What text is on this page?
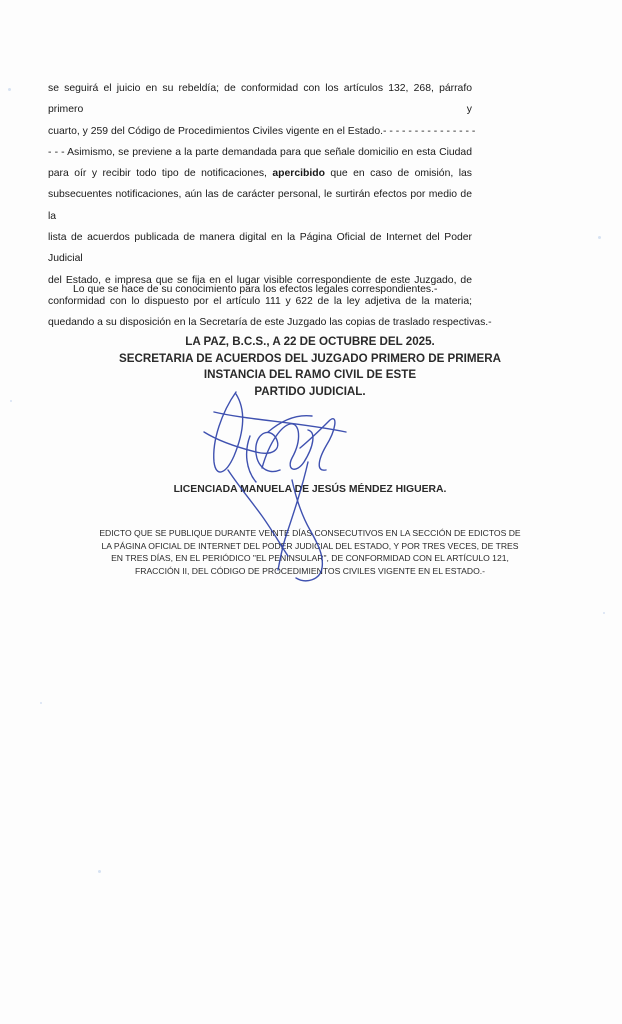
se seguirá el juicio en su rebeldía; de conformidad con los artículos 132, 268, párrafo primero y
cuarto, y 259 del Código de Procedimientos Civiles vigente en el Estado.- - - - - - - - - - - - - - -
- - - Asimismo, se previene a la parte demandada para que señale domicilio en esta Ciudad
para oír y recibir todo tipo de notificaciones, apercibido que en caso de omisión, las
subsecuentes notificaciones, aún las de carácter personal, le surtirán efectos por medio de la
lista de acuerdos publicada de manera digital en la Página Oficial de Internet del Poder Judicial
del Estado, e impresa que se fija en el lugar visible correspondiente de este Juzgado, de
conformidad con lo dispuesto por el artículo 111 y 622 de la ley adjetiva de la materia;
quedando a su disposición en la Secretaría de este Juzgado las copias de traslado respectivas.-
Lo que se hace de su conocimiento para los efectos legales correspondientes.-
LA PAZ, B.C.S., A 22 DE OCTUBRE DEL 2025.
SECRETARIA DE ACUERDOS DEL JUZGADO PRIMERO DE PRIMERA
INSTANCIA DEL RAMO CIVIL DE ESTE
PARTIDO JUDICIAL.
LICENCIADA MANUELA DE JESÚS MÉNDEZ HIGUERA.
EDICTO QUE SE PUBLIQUE DURANTE VEINTE DÍAS CONSECUTIVOS EN LA SECCIÓN DE EDICTOS DE
LA PÁGINA OFICIAL DE INTERNET DEL PODER JUDICIAL DEL ESTADO, Y POR TRES VECES, DE TRES
EN TRES DÍAS, EN EL PERIÓDICO "EL PENINSULAR", DE CONFORMIDAD CON EL ARTÍCULO 121,
FRACCIÓN II, DEL CÓDIGO DE PROCEDIMIENTOS CIVILES VIGENTE EN EL ESTADO.-
